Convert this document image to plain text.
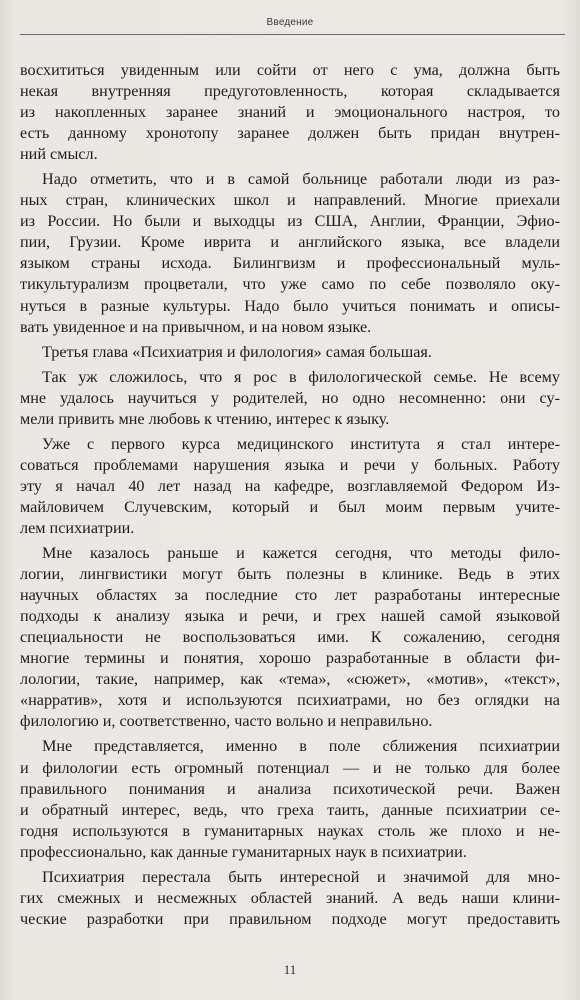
Введение

восхититься увиденным или сойти от него с ума, должна быть
некая внутренняя предуготовленность, которая складывается
из накопленных заранее знаний и эмоционального настроя, то
есть данному хронотопу заранее должен быть придан внутрен-
ний смысл.

Надо отметить, что и в самой больнице работали люди из раз-
ных стран, клинических школ и направлений. Многие приехали
из России. Но были и выходцы из США, Англии, Франции, Эфио-
пии, Грузии. Кроме иврита и английского языка, все владели
языком страны исхода. Билингвизм и профессиональный муль-
тикультурализм процветали, что уже само по себе позволяло оку-
нуться в разные культуры. Надо было учиться понимать и описы-
вать увиденное и на привычном, и на новом языке.

Третья глава «Психиатрия и филология» самая большая.

Так уж сложилось, что я рос в филологической семье. Не всему
мне удалось научиться у родителей, но одно несомненно: они су-
мели привить мне любовь к чтению, интерес к языку.

Уже с первого курса медицинского института я стал интере-
соваться проблемами нарушения языка и речи у больных. Работу
эту я начал 40 лет назад на кафедре, возглавляемой Федором Из-
майловичем Случевским, который и был моим первым учите-
лем психиатрии.

Мне казалось раньше и кажется сегодня, что методы фило-
логии, лингвистики могут быть полезны в клинике. Ведь в этих
научных областях за последние сто лет разработаны интересные
подходы к анализу языка и речи, и грех нашей самой языковой
специальности не воспользоваться ими. К сожалению, сегодня
многие термины и понятия, хорошо разработанные в области фи-
лологии, такие, например, как «тема», «сюжет», «мотив», «текст»,
«нарратив», хотя и используются психиатрами, но без оглядки на
филологию и, соответственно, часто вольно и неправильно.

Мне представляется, именно в поле сближения психиатрии
и филологии есть огромный потенциал — и не только для более
правильного понимания и анализа психотической речи. Важен
и обратный интерес, ведь, что греха таить, данные психиатрии се-
годня используются в гуманитарных науках столь же плохо и не-
профессионально, как данные гуманитарных наук в психиатрии.

Психиатрия перестала быть интересной и значимой для мно-
гих смежных и несмежных областей знаний. А ведь наши клини-
ческие разработки при правильном подходе могут предоставить

11
